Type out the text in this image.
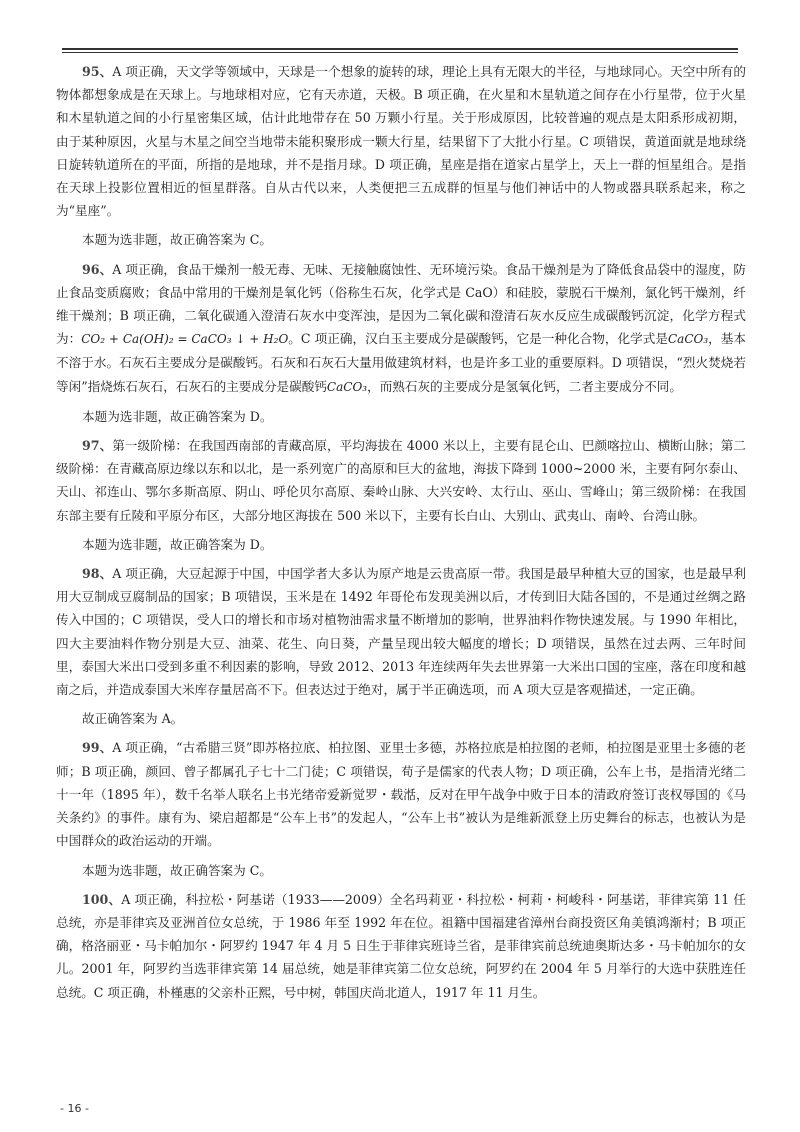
95、A 项正确，天文学等领域中，天球是一个想象的旋转的球，理论上具有无限大的半径，与地球同心。天空中所有的物体都想象成是在天球上。与地球相对应，它有天赤道，天极。B 项正确，在火星和木星轨道之间存在小行星带，位于火星和木星轨道之间的小行星密集区域，估计此地带存在 50 万颗小行星。关于形成原因，比较普遍的观点是太阳系形成初期，由于某种原因，火星与木星之间空当地带未能积聚形成一颗大行星，结果留下了大批小行星。C 项错误，黄道面就是地球绕日旋转轨道所在的平面，所指的是地球，并不是指月球。D 项正确，星座是指在道家占星学上，天上一群的恒星组合。是指在天球上投影位置相近的恒星群落。自从古代以来，人类便把三五成群的恒星与他们神话中的人物或器具联系起来，称之为“星座”。

本题为选非题，故正确答案为 C。

96、A 项正确，食品干燥剂一般无毒、无味、无接触腐蚀性、无环境污染。食品干燥剂是为了降低食品袋中的湿度，防止食品变质腐败；食品中常用的干燥剂是氧化钙（俗称生石灰，化学式是 CaO）和硅胶，蒙脱石干燥剂，氯化钙干燥剂，纤维干燥剂；B 项正确，二氧化碳通入澄清石灰水中变浑浊，是因为二氧化碳和澄清石灰水反应生成碳酸钙沉淀，化学方程式为：CO₂ + Ca(OH)₂ = CaCO₃ ↓ + H₂O。C 项正确，汉白玉主要成分是碳酸钙，它是一种化合物，化学式是CaCO₃，基本不溶于水。石灰石主要成分是碳酸钙。石灰和石灰石大量用做建筑材料，也是许多工业的重要原料。D 项错误，“烈火焚烧若等闲”指烧炼石灰石，石灰石的主要成分是碳酸钙CaCO₃，而熟石灰的主要成分是氢氧化钙，二者主要成分不同。

本题为选非题，故正确答案为 D。

97、第一级阶梯：在我国西南部的青藏高原，平均海拔在 4000 米以上，主要有昆仑山、巴颜喀拉山、横断山脉；第二级阶梯：在青藏高原边缘以东和以北，是一系列宽广的高原和巨大的盆地，海拔下降到 1000~2000 米，主要有阿尔泰山、天山、祁连山、鄂尔多斯高原、阴山、呼伦贝尔高原、秦岭山脉、大兴安岭、太行山、巫山、雪峰山；第三级阶梯：在我国东部主要有丘陵和平原分布区，大部分地区海拔在 500 米以下，主要有长白山、大别山、武夷山、南岭、台湾山脉。

本题为选非题，故正确答案为 D。

98、A 项正确，大豆起源于中国，中国学者大多认为原产地是云贵高原一带。我国是最早种植大豆的国家，也是最早利用大豆制成豆腐制品的国家；B 项错误，玉米是在 1492 年哥伦布发现美洲以后，才传到旧大陆各国的，不是通过丝绸之路传入中国的；C 项错误，受人口的增长和市场对植物油需求量不断增加的影响，世界油料作物快速发展。与 1990 年相比，四大主要油料作物分别是大豆、油菜、花生、向日葵，产量呈现出较大幅度的增长；D 项错误，虽然在过去两、三年时间里，泰国大米出口受到多重不利因素的影响，导致 2012、2013 年连续两年失去世界第一大米出口国的宝座，落在印度和越南之后，并造成泰国大米库存量居高不下。但表达过于绝对，属于半正确选项，而 A 项大豆是客观描述，一定正确。

故正确答案为 A。

99、A 项正确，“古希腊三贤”即苏格拉底、柏拉图、亚里士多德，苏格拉底是柏拉图的老师，柏拉图是亚里士多德的老师；B 项正确，颜回、曾子都属孔子七十二门徒；C 项错误，荀子是儒家的代表人物；D 项正确，公车上书，是指清光绪二十一年（1895 年），数千名举人联名上书光绪帝爱新觉罗・载湉，反对在甲午战争中败于日本的清政府签订丧权辱国的《马关条约》的事件。康有为、梁启超都是“公车上书”的发起人，“公车上书”被认为是维新派登上历史舞台的标志，也被认为是中国群众的政治运动的开端。

本题为选非题，故正确答案为 C。

100、A 项正确，科拉松・阿基诺（1933——2009）全名玛莉亚・科拉松・柯莉・柯峻科・阿基诺，菲律宾第 11 任总统，亦是菲律宾及亚洲首位女总统，于 1986 年至 1992 年在位。祖籍中国福建省漳州台商投资区角美镇鸿渐村；B 项正确，格洛丽亚・马卡帕加尔・阿罗约 1947 年 4 月 5 日生于菲律宾班诗兰省，是菲律宾前总统迪奥斯达多・马卡帕加尔的女儿。2001 年，阿罗约当选菲律宾第 14 届总统，她是菲律宾第二位女总统，阿罗约在 2004 年 5 月举行的大选中获胜连任总统。C 项正确，朴槿惠的父亲朴正熙，号中树，韩国庆尚北道人，1917 年 11 月生。

- 16 -
